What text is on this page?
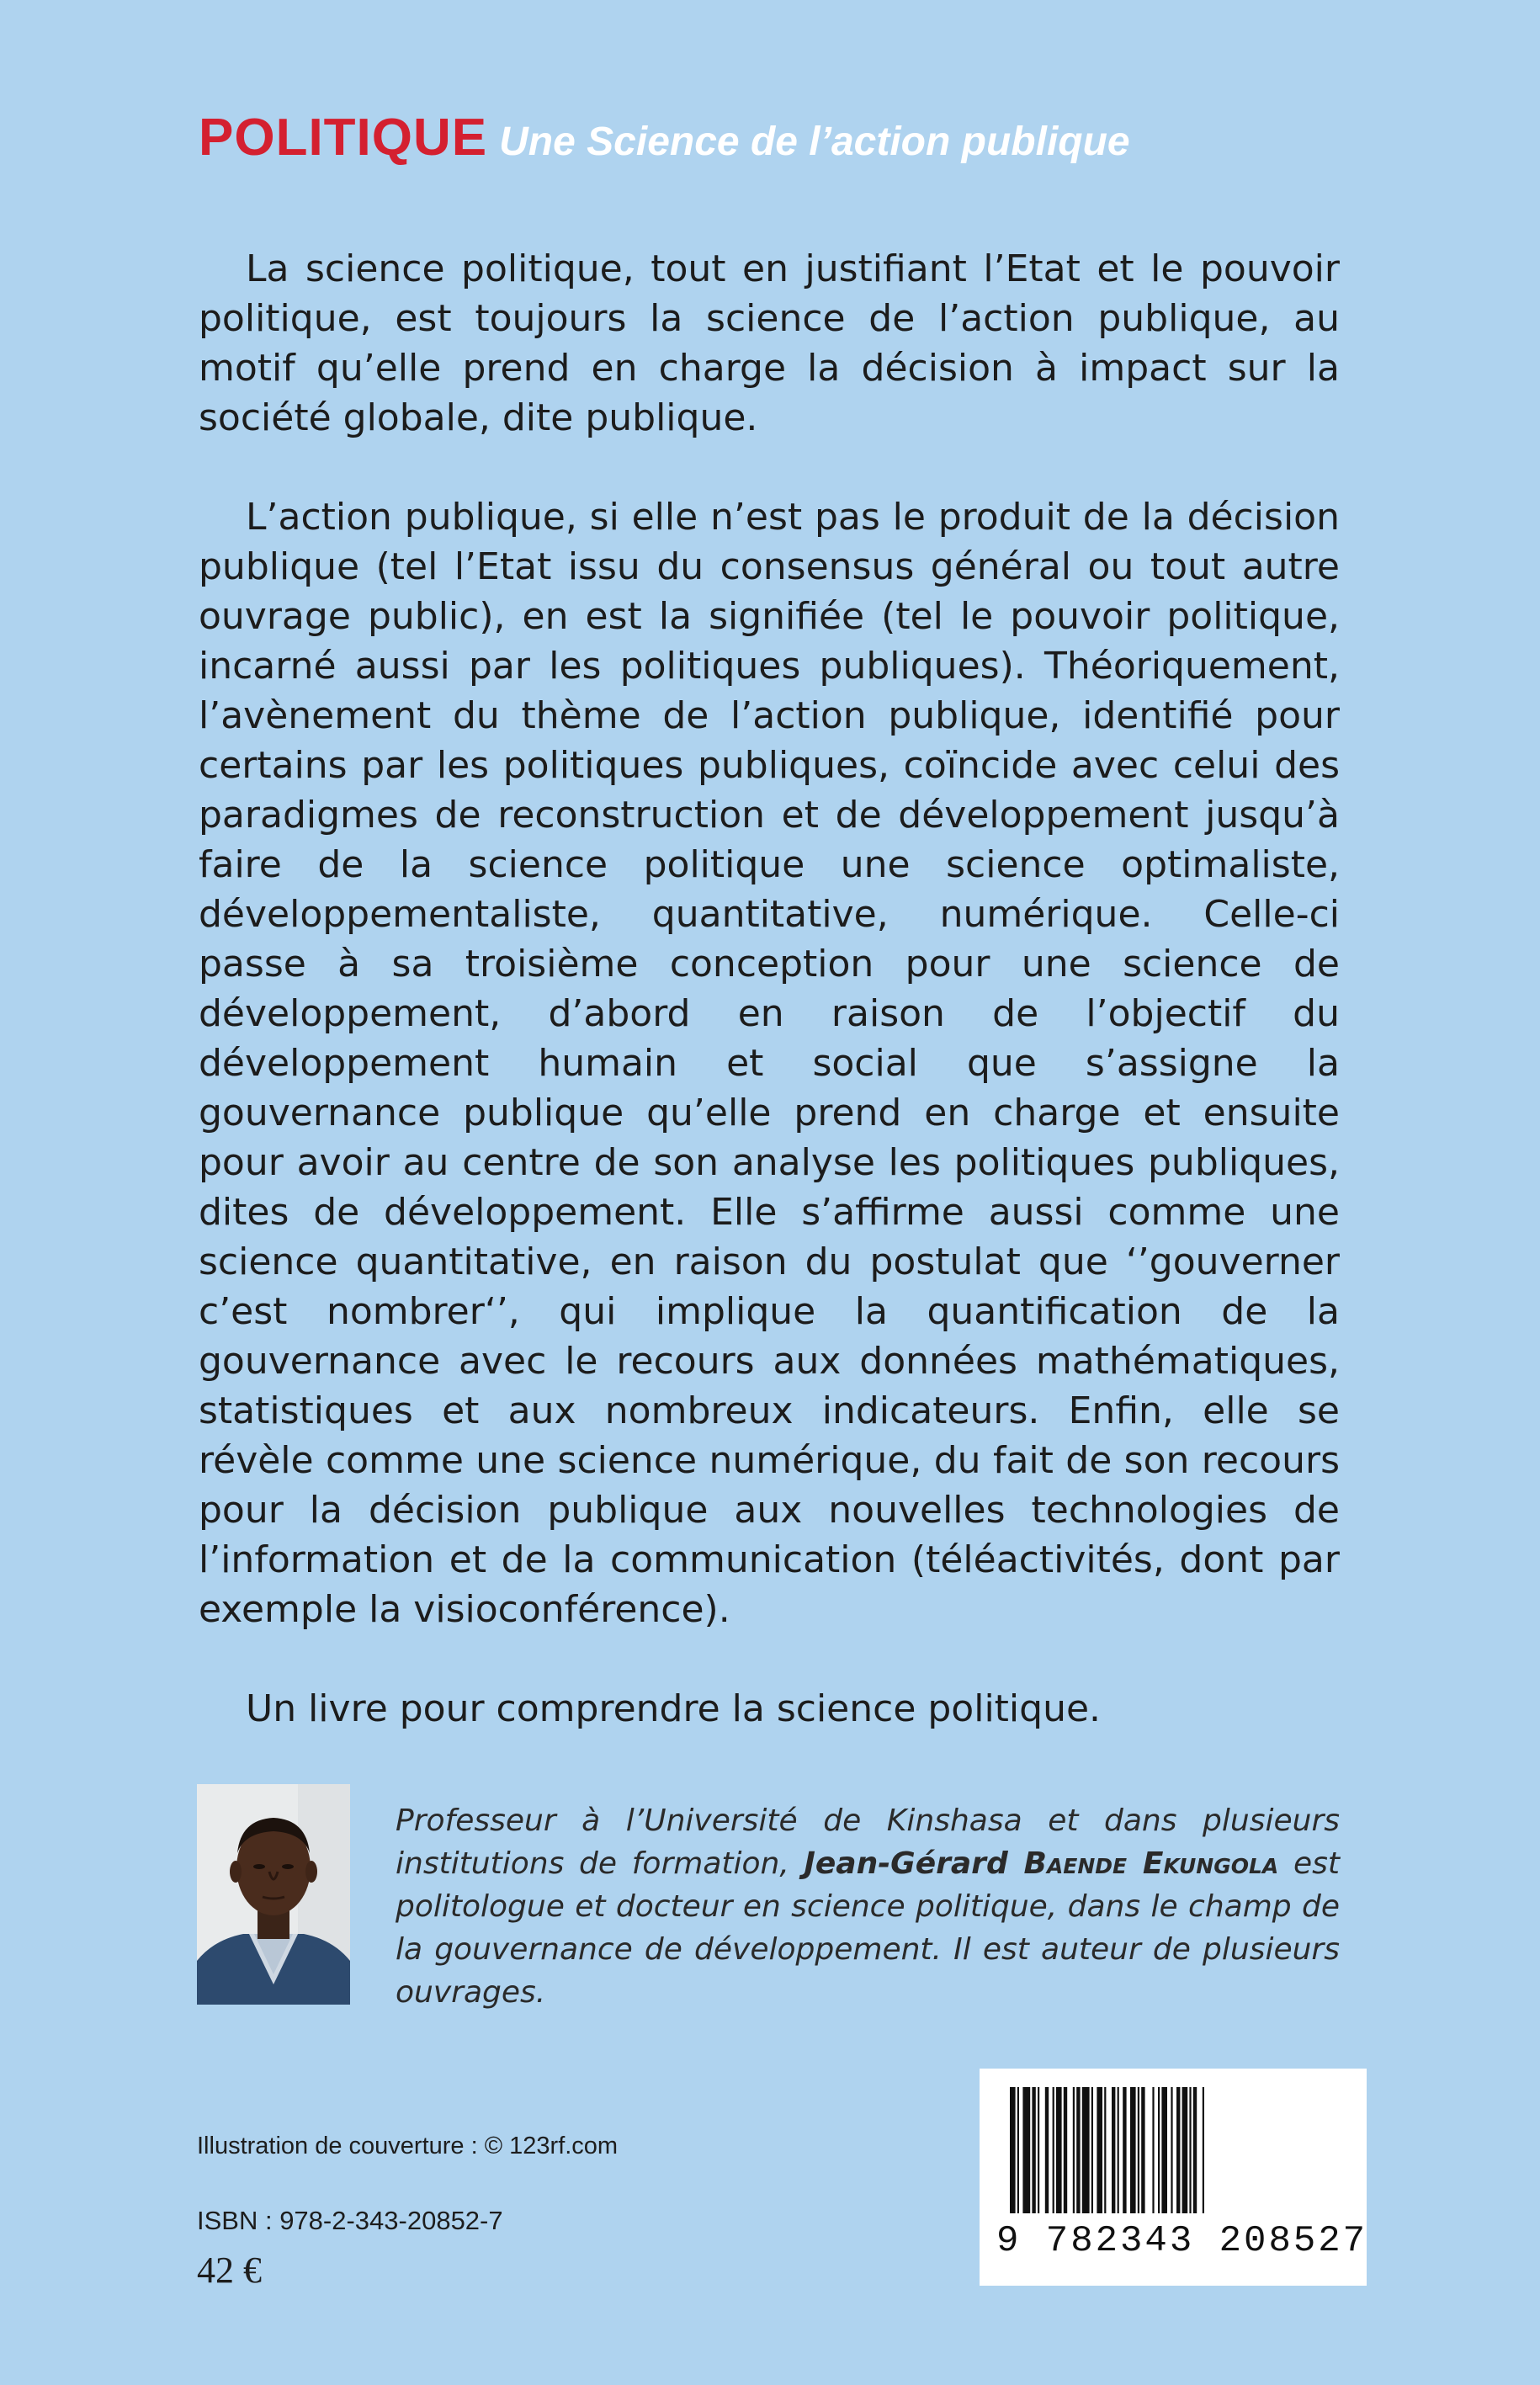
POLITIQUE Une Science de l’action publique

La science politique, tout en justifiant l’Etat et le pouvoir politique, est toujours la science de l’action publique, au motif qu’elle prend en charge la décision à impact sur la société globale, dite publique.

L’action publique, si elle n’est pas le produit de la décision publique (tel l’Etat issu du consensus général ou tout autre ouvrage public), en est la signifiée (tel le pouvoir politique, incarné aussi par les politiques publiques). Théoriquement, l’avènement du thème de l’action publique, identifié pour certains par les politiques publiques, coïncide avec celui des paradigmes de reconstruction et de développement jusqu’à faire de la science politique une science optimaliste, développementaliste, quantitative, numérique. Celle-ci passe à sa troisième conception pour une science de développement, d’abord en raison de l’objectif du développement humain et social que s’assigne la gouvernance publique qu’elle prend en charge et ensuite pour avoir au centre de son analyse les politiques publiques, dites de développement. Elle s’affirme aussi comme une science quantitative, en raison du postulat que ‘’gouverner c’est nombrer‘’, qui implique la quantification de la gouvernance avec le recours aux données mathématiques, statistiques et aux nombreux indicateurs. Enfin, elle se révèle comme une science numérique, du fait de son recours pour la décision publique aux nouvelles technologies de l’information et de la communication (téléactivités, dont par exemple la visioconférence).

Un livre pour comprendre la science politique.

Professeur à l’Université de Kinshasa et dans plusieurs institutions de formation, Jean-Gérard Baende Ekungola est politologue et docteur en science politique, dans le champ de la gouvernance de développement. Il est auteur de plusieurs ouvrages.
Illustration de couverture : © 123rf.com
ISBN : 978-2-343-20852-7
42 €
9 782343 208527
